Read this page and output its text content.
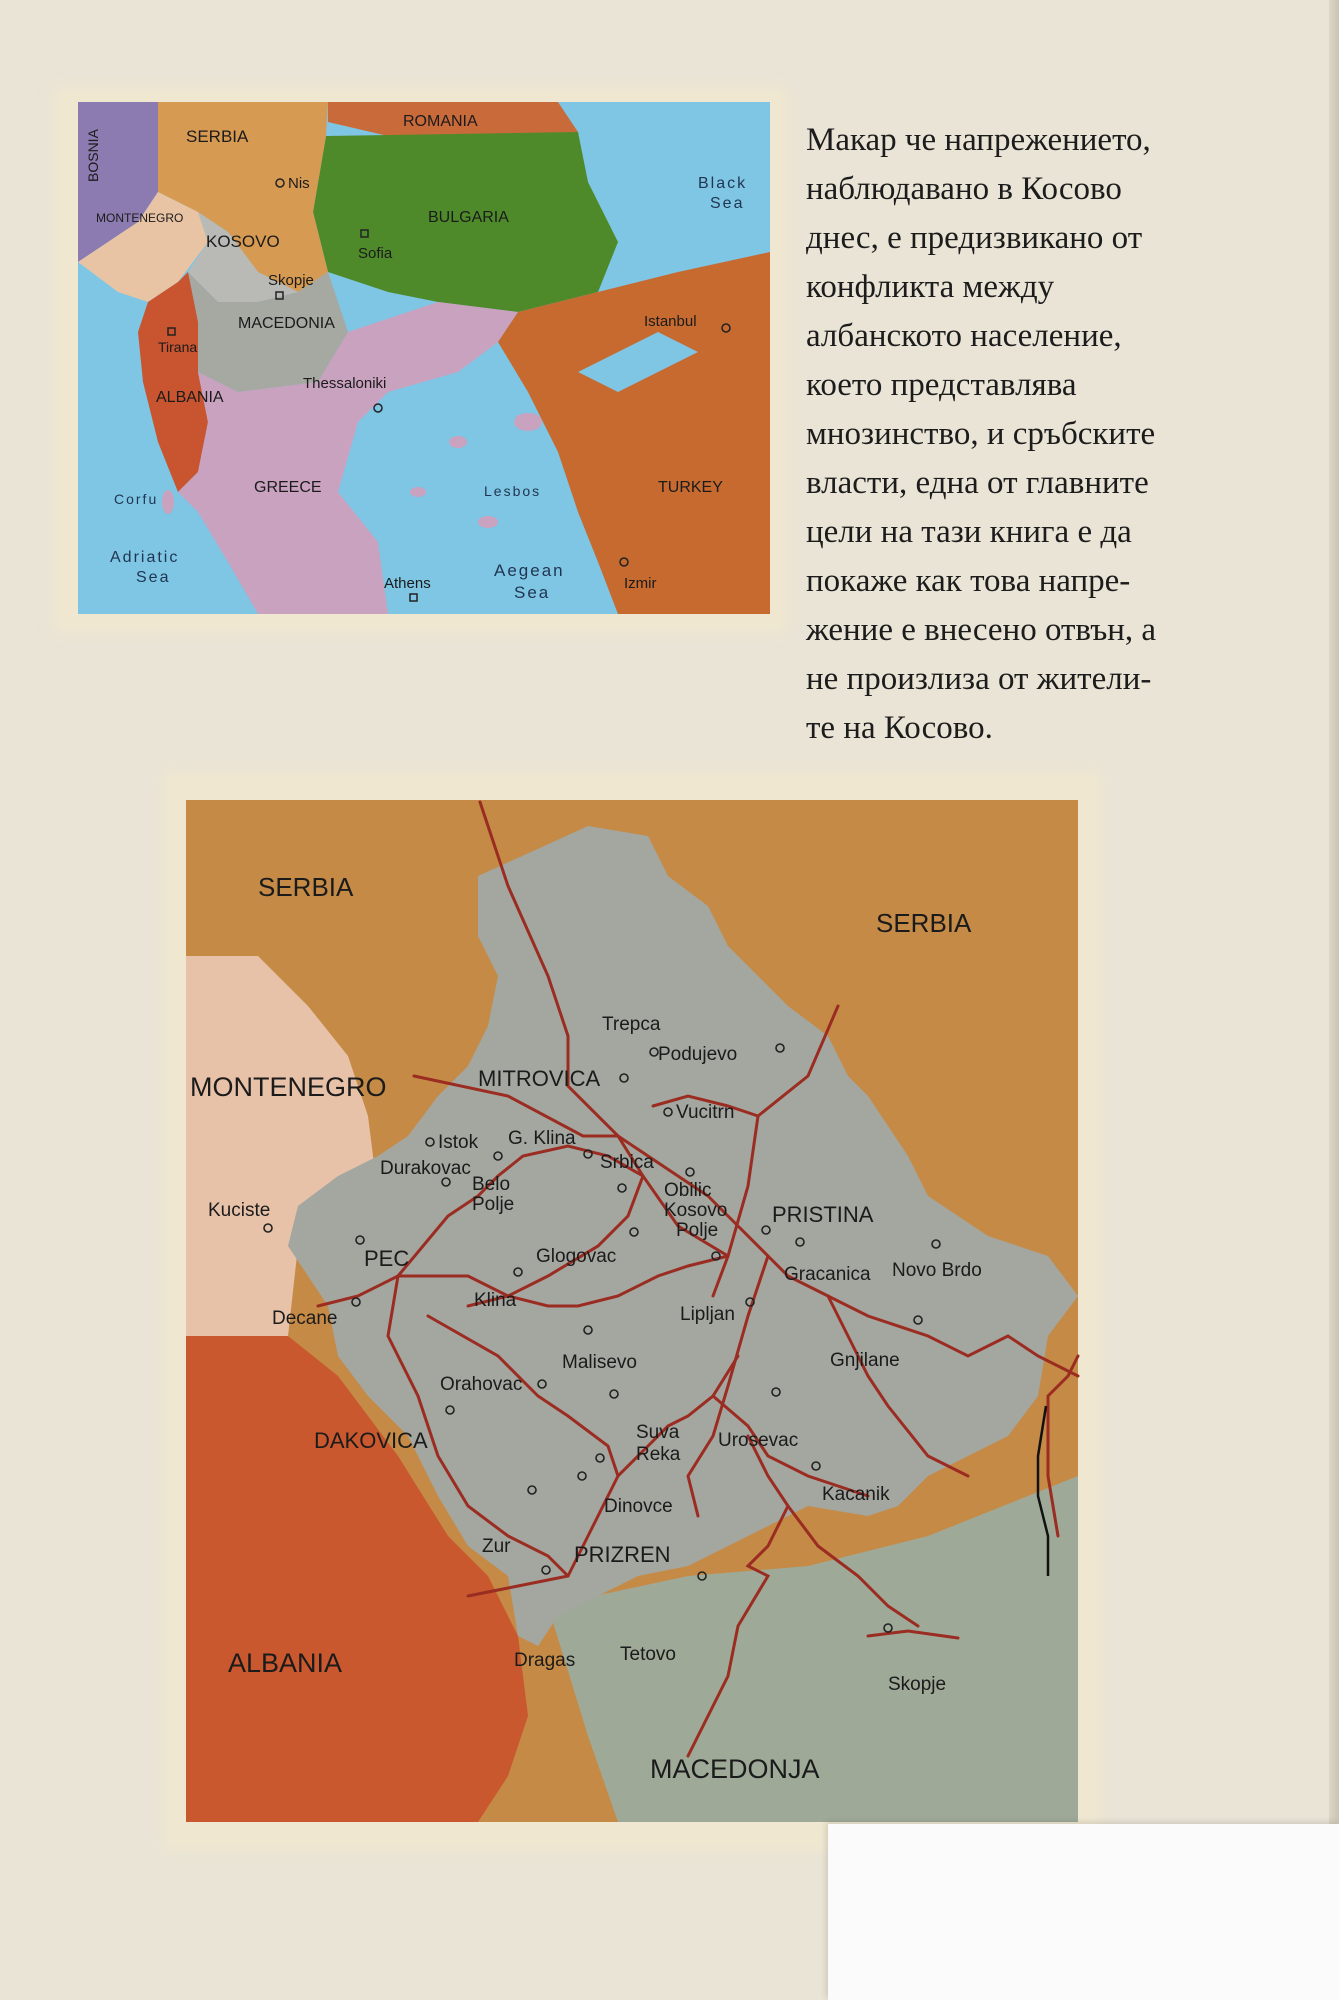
BOSNIA	SERBIA
ROMANIA
MONTENEGRO
KOSOVO
BULGARIA
MACEDONIA
ALBANIA
GREECE	TURKEY
Nis
Sofia
Skopje
Tirana
Thessaloniki
Istanbul
Athens	Izmir
Lesbos
Corfu
Black
Sea
Adriatic
Sea	Aegean
Sea

Макар че напрежението,
наблюдавано в Косово
днес, е предизвикано от
конфликта между
албанското население,
което представлява
мнозинство, и сръбските
власти, една от главните
цели на тази книга е да
покаже как това напре-
жение е внесено отвън, а
не произлиза от жители-
те на Косово.

SERBIA
SERBIA
MONTENEGRO
ALBANIA
MACEDONJA
Trepca
Podujevo
MITROVICA
Vucitrn
Istok G. Klina
Durakovac	Srbica
Belo
Polje
Obilic
Kosovo
Polje
PRISTINA
Kuciste
PEC	Glogovac
Gracanica Novo Brdo
Klina
Decane	Lipljan
Gnjilane
Malisevo
Orahovac
DAKOVICA	Suva
Reka
Urosevac
Kacanik
Dinovce
Zur	PRIZREN
Dragas Tetovo
Skopje
